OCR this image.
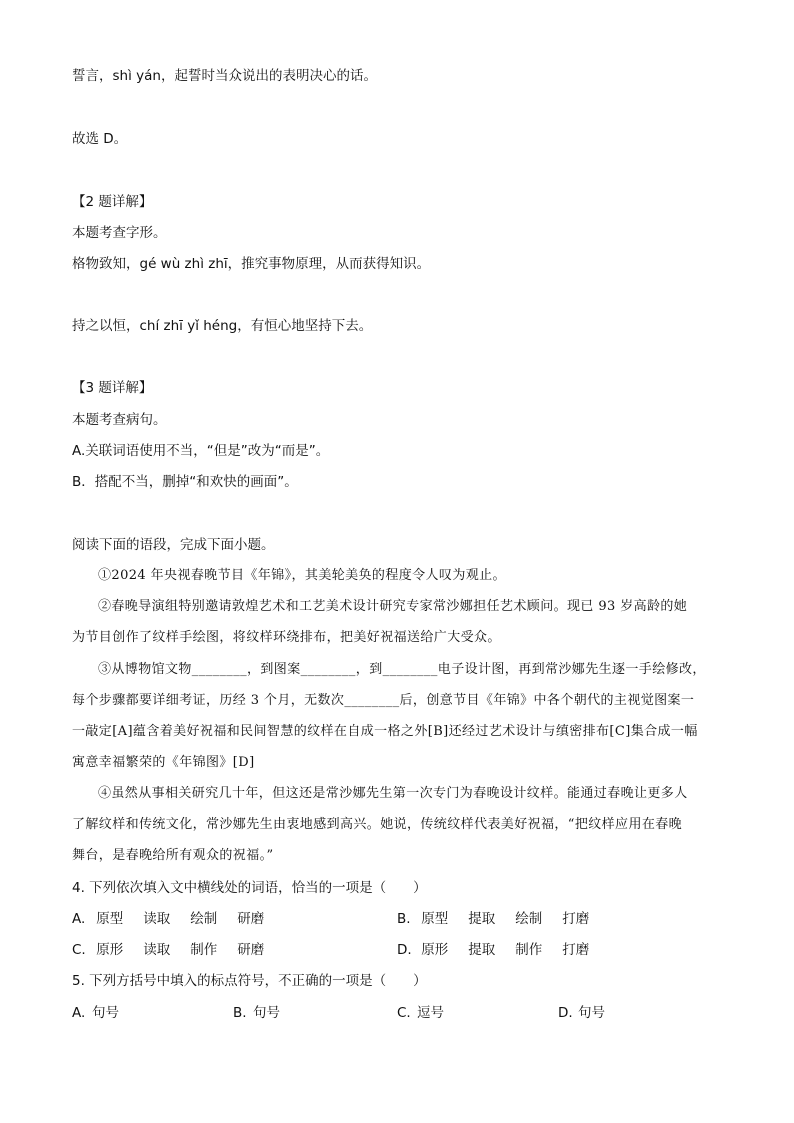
誓言，shì yán，起誓时当众说出的表明决心的话。
故选 D。
【2 题详解】
本题考查字形。
格物致知，gé wù zhì zhī，推究事物原理，从而获得知识。
持之以恒，chí zhī yǐ héng，有恒心地坚持下去。
【3 题详解】
本题考查病句。
A.关联词语使用不当，“但是”改为“而是”。
B．搭配不当，删掉“和欢快的画面”。
阅读下面的语段，完成下面小题。
①2024 年央视春晚节目《年锦》，其美轮美奂的程度令人叹为观止。
②春晚导演组特别邀请敦煌艺术和工艺美术设计研究专家常沙娜担任艺术顾问。现已 93 岁高龄的她
为节目创作了纹样手绘图，将纹样环绕排布，把美好祝福送给广大受众。
③从博物馆文物________，到图案________，到________电子设计图，再到常沙娜先生逐一手绘修改，
每个步骤都要详细考证，历经 3 个月，无数次________后，创意节目《年锦》中各个朝代的主视觉图案一
一敲定[A]蕴含着美好祝福和民间智慧的纹样在自成一格之外[B]还经过艺术设计与缜密排布[C]集合成一幅
寓意幸福繁荣的《年锦图》[D]
④虽然从事相关研究几十年，但这还是常沙娜先生第一次专门为春晚设计纹样。能通过春晚让更多人
了解纹样和传统文化，常沙娜先生由衷地感到高兴。她说，传统纹样代表美好祝福，“把纹样应用在春晚
舞台，是春晚给所有观众的祝福。”
4. 下列依次填入文中横线处的词语，恰当的一项是（　　）
A. 原型 读取 绘制 研磨	B. 原型 提取 绘制 打磨
C. 原形 读取 制作 研磨	D. 原形 提取 制作 打磨
5. 下列方括号中填入的标点符号，不正确的一项是（　　）
A. 句号	B. 句号	C. 逗号	D. 句号
